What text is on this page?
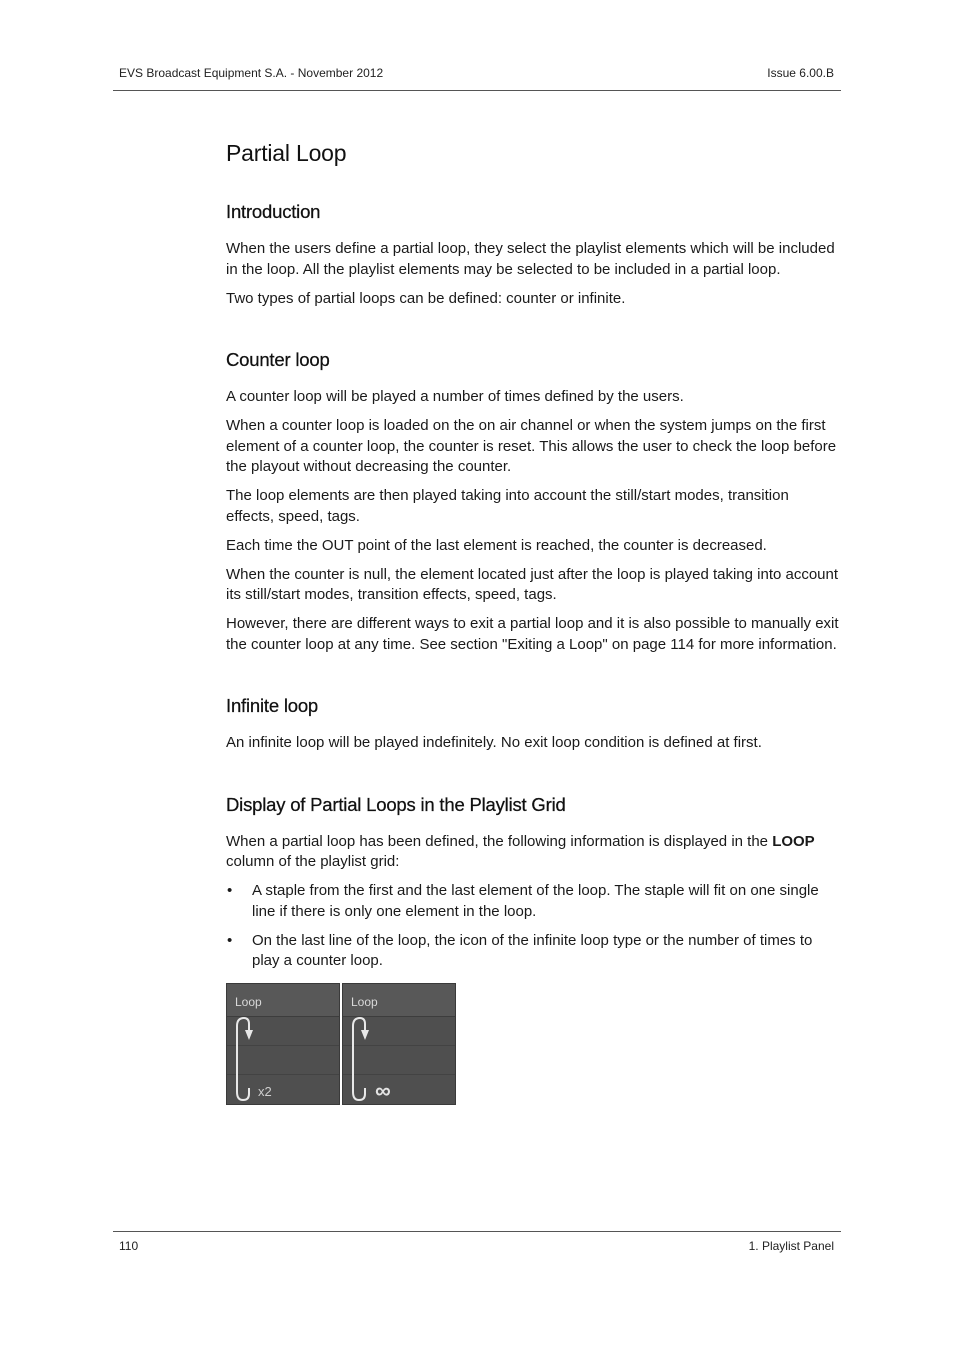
EVS Broadcast Equipment S.A. - November 2012	Issue 6.00.B
Partial Loop
Introduction

When the users define a partial loop, they select the playlist elements which will be included in the loop. All the playlist elements may be selected to be included in a partial loop.

Two types of partial loops can be defined: counter or infinite.

Counter loop

A counter loop will be played a number of times defined by the users.

When a counter loop is loaded on the on air channel or when the system jumps on the first element of a counter loop, the counter is reset. This allows the user to check the loop before the playout without decreasing the counter.

The loop elements are then played taking into account the still/start modes, transition effects, speed, tags.

Each time the OUT point of the last element is reached, the counter is decreased.

When the counter is null, the element located just after the loop is played taking into account its still/start modes, transition effects, speed, tags.

However, there are different ways to exit a partial loop and it is also possible to manually exit the counter loop at any time. See section "Exiting a Loop" on page 114 for more information.

Infinite loop

An infinite loop will be played indefinitely. No exit loop condition is defined at first.

Display of Partial Loops in the Playlist Grid

When a partial loop has been defined, the following information is displayed in the LOOP column of the playlist grid:

• A staple from the first and the last element of the loop. The staple will fit on one single line if there is only one element in the loop.
• On the last line of the loop, the icon of the infinite loop type or the number of times to play a counter loop.
Loop
x2
Loop
∞
110	1. Playlist Panel
